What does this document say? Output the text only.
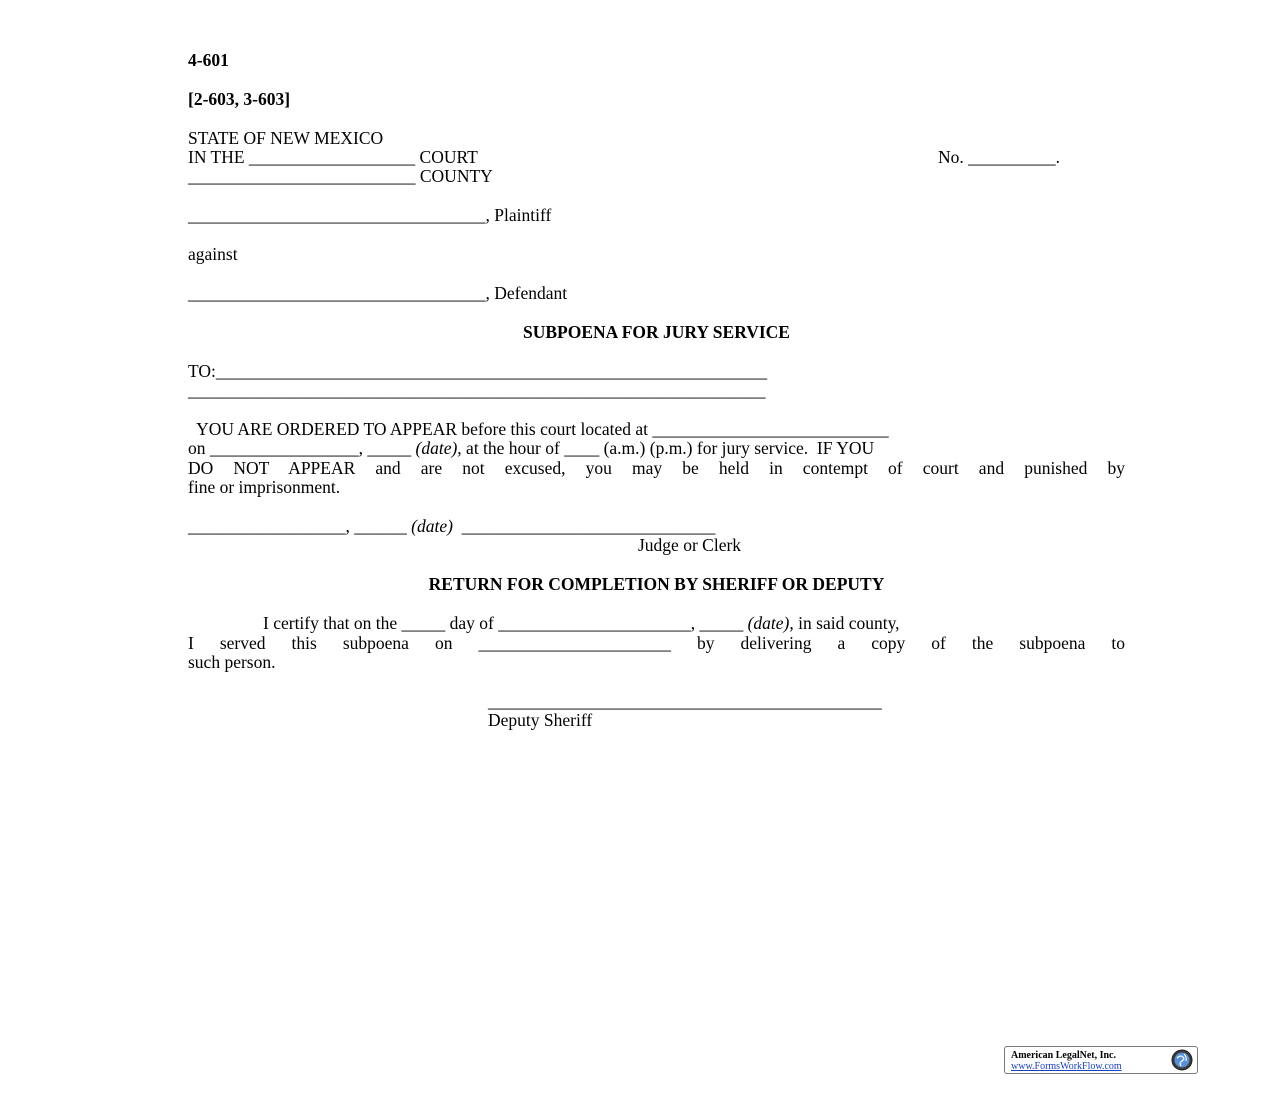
4-601
[2-603, 3-603]
STATE OF NEW MEXICO
IN THE ___________________ COURT	No. __________.
__________________________ COUNTY
__________________________________, Plaintiff
against
__________________________________, Defendant
SUBPOENA FOR JURY SERVICE
TO:_______________________________________________________________
__________________________________________________________________
YOU ARE ORDERED TO APPEAR before this court located at ___________________________
on _________________, _____ (date), at the hour of ____ (a.m.) (p.m.) for jury service.  IF YOU
DO NOT APPEAR and are not excused, you may be held in contempt of court and punished by
fine or imprisonment.
__________________, ______ (date)  _____________________________
Judge or Clerk
RETURN FOR COMPLETION BY SHERIFF OR DEPUTY
I certify that on the _____ day of ______________________, _____ (date), in said county,
I served this subpoena on ______________________ by delivering a copy of the subpoena to
such person.
_____________________________________________
Deputy Sheriff
American LegalNet, Inc.
www.FormsWorkFlow.com
